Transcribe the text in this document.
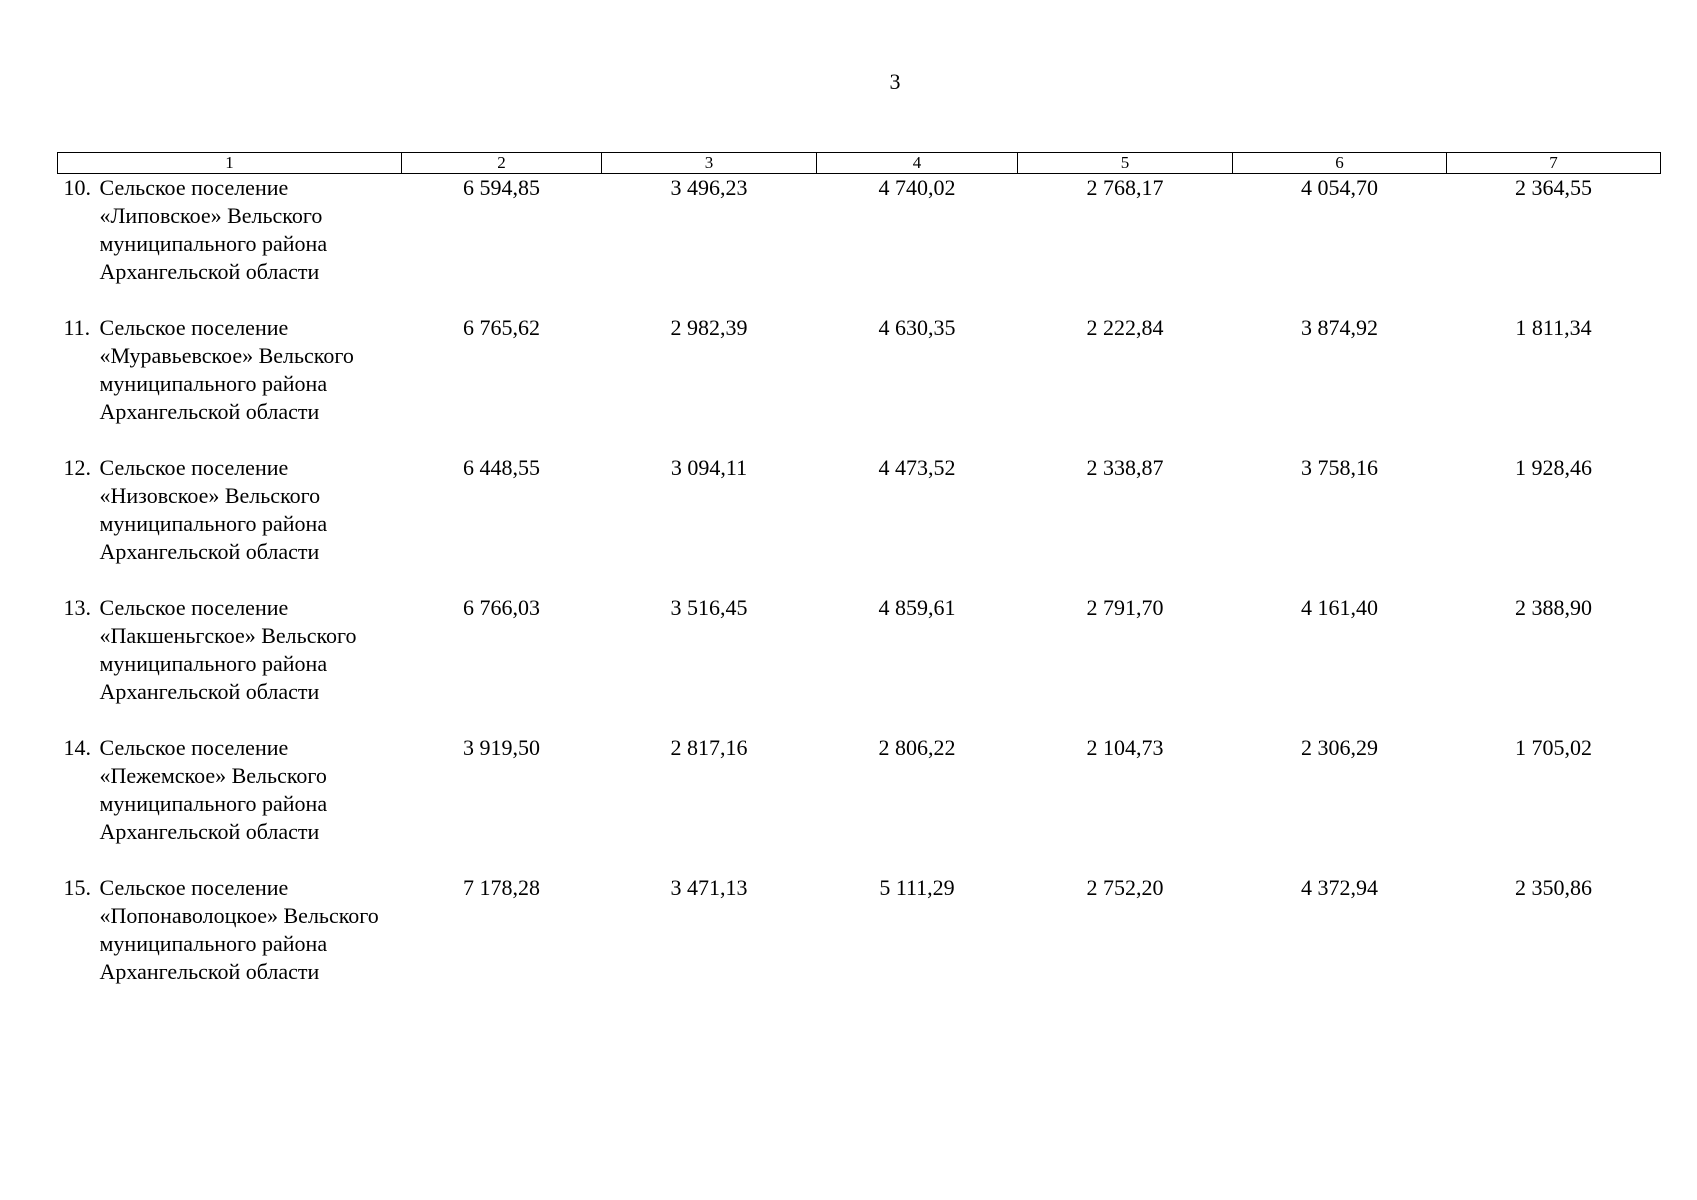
3
1	2	3	4	5	6	7

10. Сельское поселение «Липовское» Вельского муниципального района Архангельской области	6 594,85	3 496,23	4 740,02	2 768,17	4 054,70	2 364,55

11. Сельское поселение «Муравьевское» Вельского муниципального района Архангельской области	6 765,62	2 982,39	4 630,35	2 222,84	3 874,92	1 811,34

12. Сельское поселение «Низовское» Вельского муниципального района Архангельской области	6 448,55	3 094,11	4 473,52	2 338,87	3 758,16	1 928,46

13. Сельское поселение «Пакшеньгское» Вельского муниципального района Архангельской области	6 766,03	3 516,45	4 859,61	2 791,70	4 161,40	2 388,90

14. Сельское поселение «Пежемское» Вельского муниципального района Архангельской области	3 919,50	2 817,16	2 806,22	2 104,73	2 306,29	1 705,02

15. Сельское поселение «Попонаволоцкое» Вельского муниципального района Архангельской области	7 178,28	3 471,13	5 111,29	2 752,20	4 372,94	2 350,86
